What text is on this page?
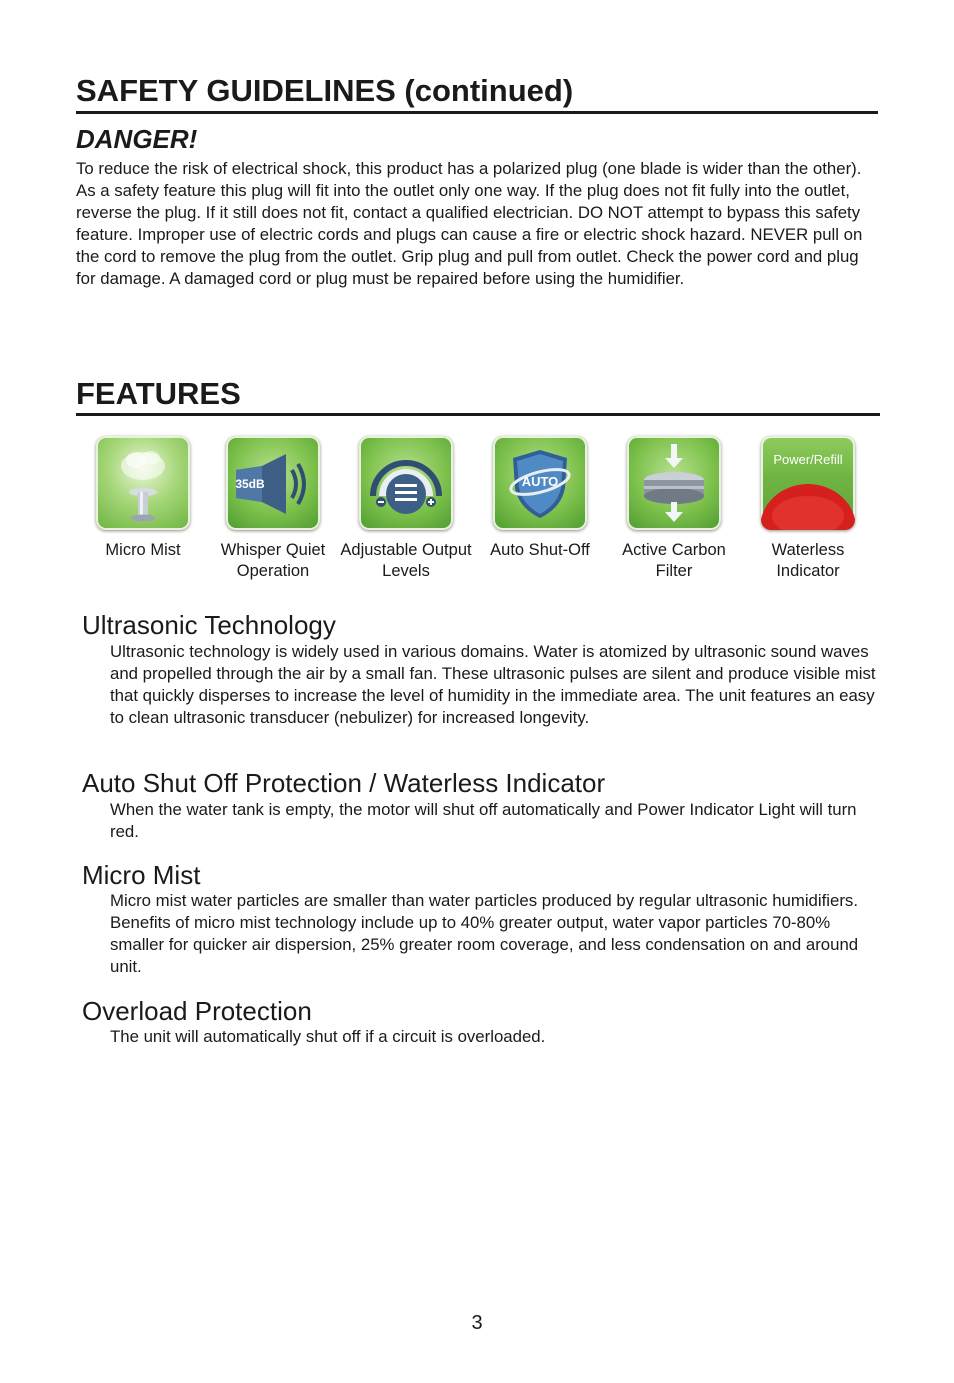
SAFETY GUIDELINES (continued)
DANGER!
To reduce the risk of electrical shock, this product has a polarized plug (one blade is wider than the other). As a safety feature this plug will fit into the outlet only one way. If the plug does not fit fully into the outlet, reverse the plug. If it still does not fit, contact a qualified electrician. DO NOT attempt to bypass this safety feature. Improper use of electric cords and plugs can cause a fire or electric shock hazard. NEVER pull on the cord to remove the plug from the outlet. Grip plug and pull from outlet. Check the power cord and plug for damage. A damaged cord or plug must be repaired before using the humidifier.
FEATURES
Micro Mist
35dB
Whisper Quiet Operation
Adjustable Output Levels
AUTO
Auto Shut-Off	Active Carbon Filter
Power/Refill
Waterless Indicator
Ultrasonic Technology
Ultrasonic technology is widely used in various domains. Water is atomized by ultrasonic sound waves and propelled through the air by a small fan. These ultrasonic pulses are silent and produce visible mist that quickly disperses to increase the level of humidity in the immediate area. The unit features an easy to clean ultrasonic transducer (nebulizer) for increased longevity.
Auto Shut Off Protection / Waterless Indicator
When the water tank is empty, the motor will shut off automatically and Power Indicator Light will turn red.
Micro Mist
Micro mist water particles are smaller than water particles produced by regular ultrasonic humidifiers. Benefits of micro mist technology include up to 40% greater output, water vapor particles 70-80% smaller for quicker air dispersion, 25% greater room coverage, and less condensation on and around unit.
Overload Protection
The unit will automatically shut off if a circuit is overloaded.
3
